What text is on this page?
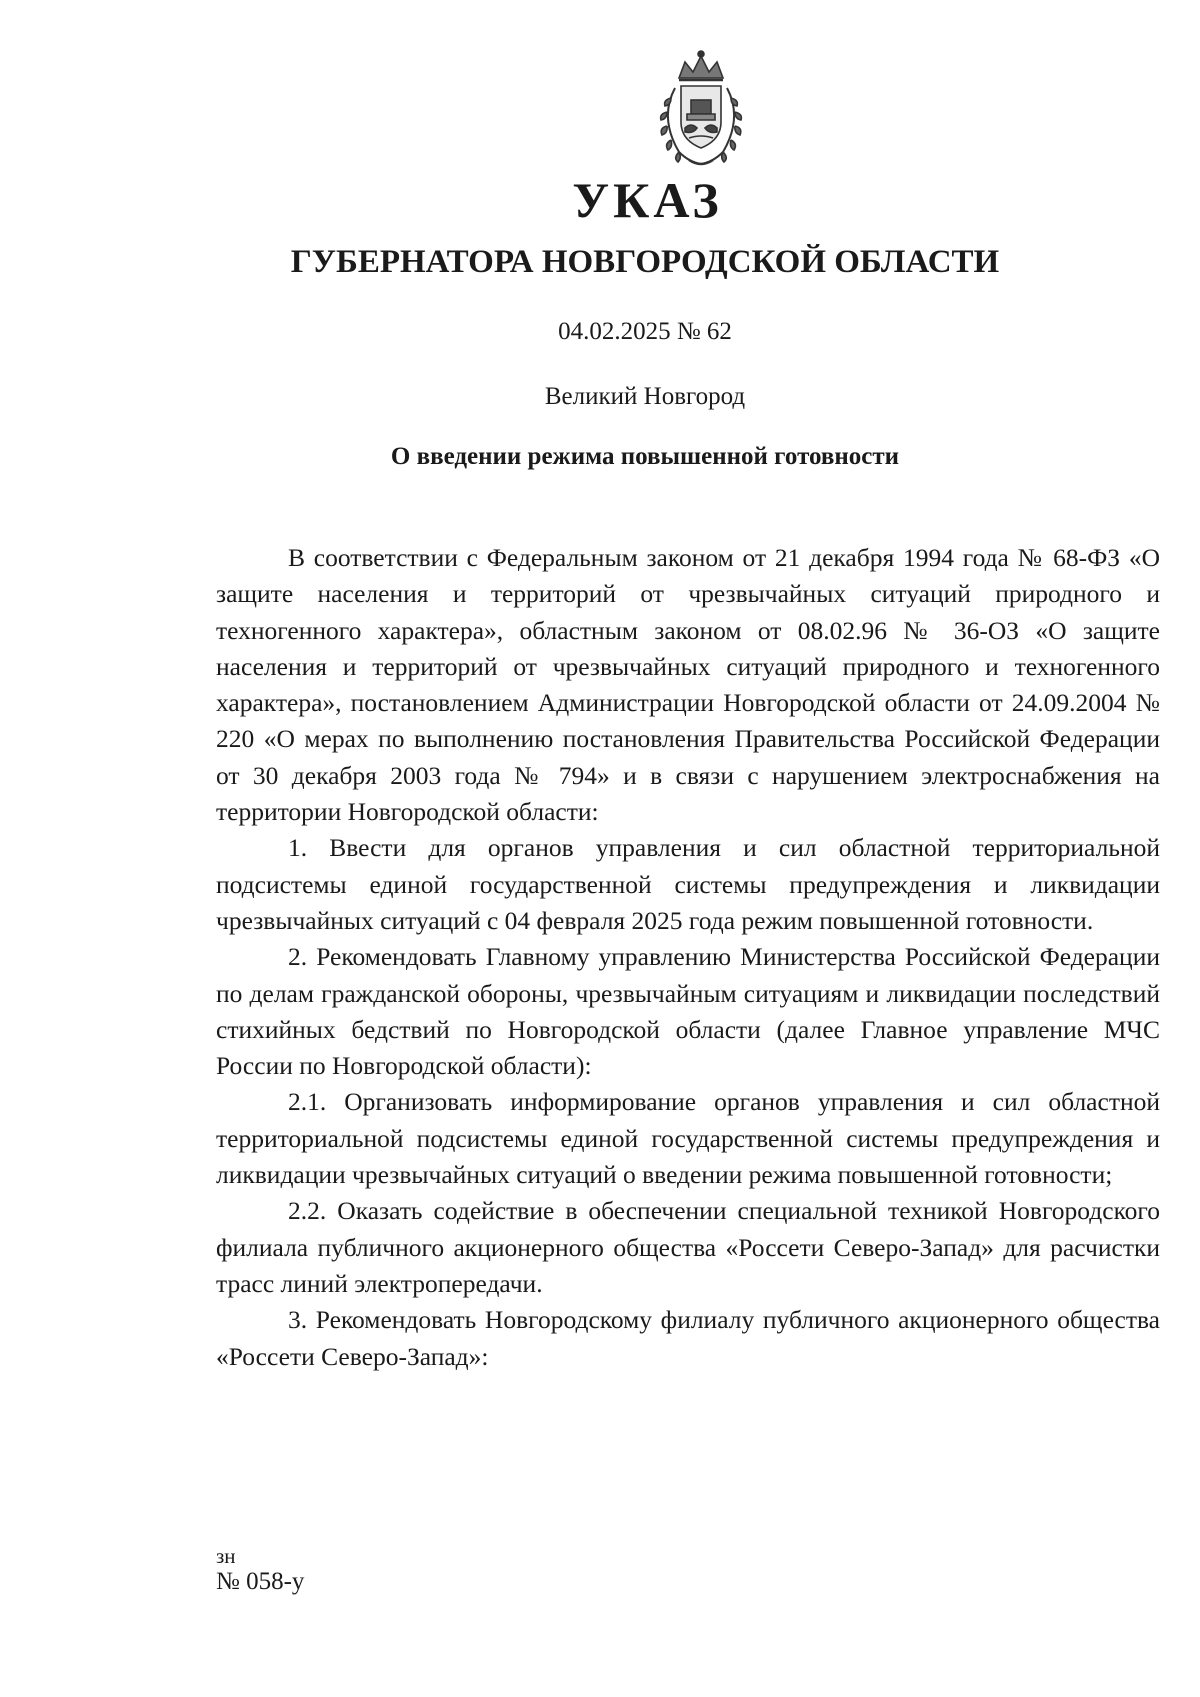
УКАЗ
ГУБЕРНАТОРА НОВГОРОДСКОЙ ОБЛАСТИ
04.02.2025 № 62
Великий Новгород
О введении режима повышенной готовности

В соответствии с Федеральным законом от 21 декабря 1994 года № 68-ФЗ «О защите населения и территорий от чрезвычайных ситуаций природного и техногенного характера», областным законом от 08.02.96 № 36-ОЗ «О защите населения и территорий от чрезвычайных ситуаций природного и техногенного характера», постановлением Администрации Новгородской области от 24.09.2004 № 220 «О мерах по выполнению постановления Правительства Российской Федерации от 30 декабря 2003 года № 794» и в связи с нарушением электроснабжения на территории Новгородской области:

1. Ввести для органов управления и сил областной территориальной подсистемы единой государственной системы предупреждения и ликвидации чрезвычайных ситуаций с 04 февраля 2025 года режим повышенной готовности.

2. Рекомендовать Главному управлению Министерства Российской Федерации по делам гражданской обороны, чрезвычайным ситуациям и ликвидации последствий стихийных бедствий по Новгородской области (далее Главное управление МЧС России по Новгородской области):

2.1. Организовать информирование органов управления и сил областной территориальной подсистемы единой государственной системы предупреждения и ликвидации чрезвычайных ситуаций о введении режима повышенной готовности;

2.2. Оказать содействие в обеспечении специальной техникой Новгородского филиала публичного акционерного общества «Россети Северо-Запад» для расчистки трасс линий электропередачи.

3. Рекомендовать Новгородскому филиалу публичного акционерного общества «Россети Северо-Запад»:

зн
№ 058-у
